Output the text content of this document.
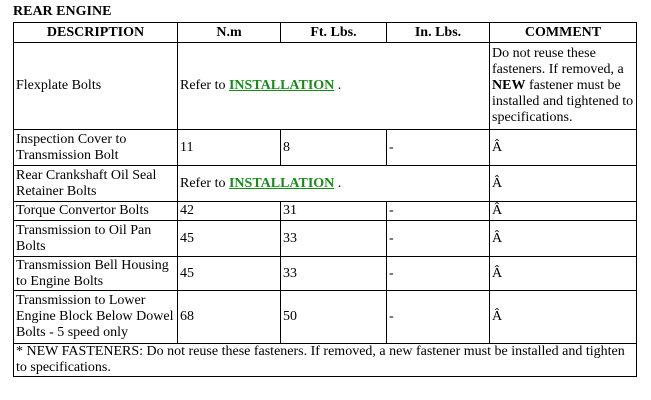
REAR ENGINE
DESCRIPTION	N.m	Ft. Lbs.	In. Lbs.	COMMENT
Flexplate Bolts	Refer to INSTALLATION .			Do not reuse these fasteners. If removed, a NEW fastener must be installed and tightened to specifications.
Inspection Cover to Transmission Bolt	11	8	-	Â
Rear Crankshaft Oil Seal Retainer Bolts	Refer to INSTALLATION .			Â
Torque Convertor Bolts	42	31	-	Â
Transmission to Oil Pan Bolts	45	33	-	Â
Transmission Bell Housing to Engine Bolts	45	33	-	Â
Transmission to Lower Engine Block Below Dowel Bolts - 5 speed only	68	50	-	Â
* NEW FASTENERS: Do not reuse these fasteners. If removed, a new fastener must be installed and tighten to specifications.				
